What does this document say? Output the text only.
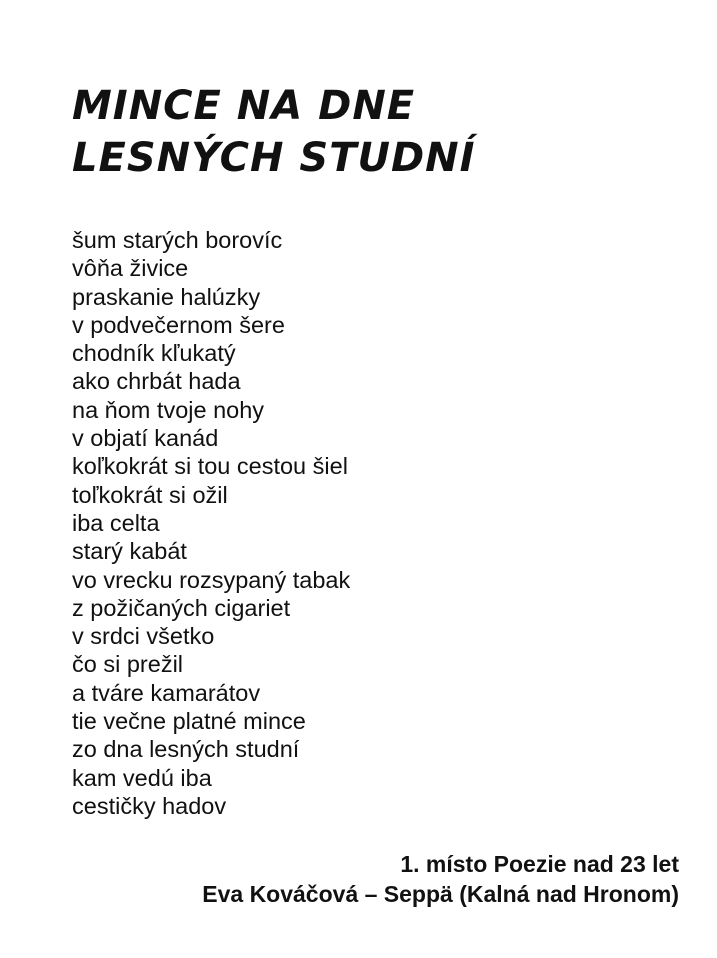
MINCE NA DNE
LESNÝCH STUDNÍ
šum starých borovíc
vôňa živice
praskanie halúzky
v podvečernom šere
chodník kľukatý
ako chrbát hada
na ňom tvoje nohy
v objatí kanád
koľkokrát si tou cestou šiel
toľkokrát si ožil
iba celta
starý kabát
vo vrecku rozsypaný tabak
z požičaných cigariet
v srdci všetko
čo si prežil
a tváre kamarátov
tie večne platné mince
zo dna lesných studní
kam vedú iba
cestičky hadov
1. místo Poezie nad 23 let
Eva Kováčová – Seppä (Kalná nad Hronom)
